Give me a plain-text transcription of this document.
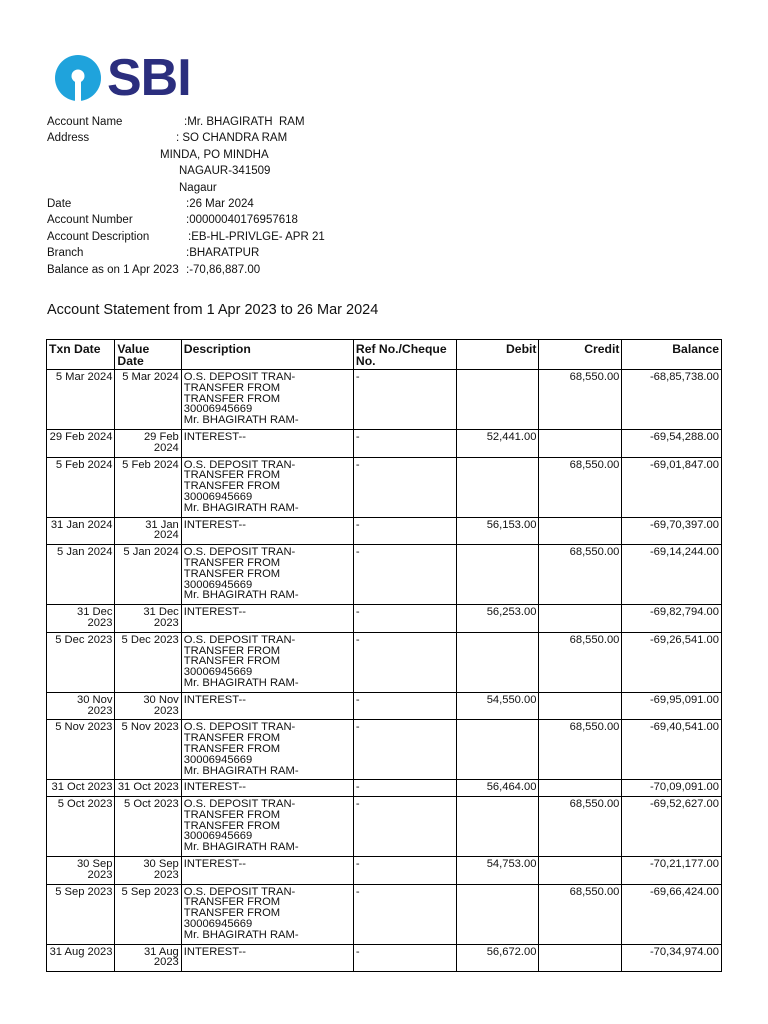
SBI
Account Name	:Mr. BHAGIRATH  RAM
Address	: SO CHANDRA RAM
MINDA, PO MINDHA
NAGAUR-341509
Nagaur
Date	:26 Mar 2024
Account Number	:00000040176957618
Account Description	:EB-HL-PRIVLGE- APR 21
Branch	:BHARATPUR
Balance as on 1 Apr 2023 :-70,86,887.00
Account Statement from 1 Apr 2023 to 26 Mar 2024
Txn Date	Value Date	Description	Ref No./Cheque No.	Debit	Credit	Balance
5 Mar 2024	5 Mar 2024	O.S. DEPOSIT TRAN-
TRANSFER FROM
TRANSFER FROM
30006945669
Mr. BHAGIRATH RAM-	-		68,550.00	-68,85,738.00
29 Feb 2024	29 Feb 2024	INTEREST--	-	52,441.00		-69,54,288.00
5 Feb 2024	5 Feb 2024	O.S. DEPOSIT TRAN-
TRANSFER FROM
TRANSFER FROM
30006945669
Mr. BHAGIRATH RAM-	-		68,550.00	-69,01,847.00
31 Jan 2024	31 Jan 2024	INTEREST--	-	56,153.00		-69,70,397.00
5 Jan 2024	5 Jan 2024	O.S. DEPOSIT TRAN-
TRANSFER FROM
TRANSFER FROM
30006945669
Mr. BHAGIRATH RAM-	-		68,550.00	-69,14,244.00
31 Dec 2023	31 Dec 2023	INTEREST--	-	56,253.00		-69,82,794.00
5 Dec 2023	5 Dec 2023	O.S. DEPOSIT TRAN-
TRANSFER FROM
TRANSFER FROM
30006945669
Mr. BHAGIRATH RAM-	-		68,550.00	-69,26,541.00
30 Nov 2023	30 Nov 2023	INTEREST--	-	54,550.00		-69,95,091.00
5 Nov 2023	5 Nov 2023	O.S. DEPOSIT TRAN-
TRANSFER FROM
TRANSFER FROM
30006945669
Mr. BHAGIRATH RAM-	-		68,550.00	-69,40,541.00
31 Oct 2023	31 Oct 2023	INTEREST--	-	56,464.00		-70,09,091.00
5 Oct 2023	5 Oct 2023	O.S. DEPOSIT TRAN-
TRANSFER FROM
TRANSFER FROM
30006945669
Mr. BHAGIRATH RAM-	-		68,550.00	-69,52,627.00
30 Sep 2023	30 Sep 2023	INTEREST--	-	54,753.00		-70,21,177.00
5 Sep 2023	5 Sep 2023	O.S. DEPOSIT TRAN-
TRANSFER FROM
TRANSFER FROM
30006945669
Mr. BHAGIRATH RAM-	-		68,550.00	-69,66,424.00
31 Aug 2023	31 Aug 2023	INTEREST--	-	56,672.00		-70,34,974.00
